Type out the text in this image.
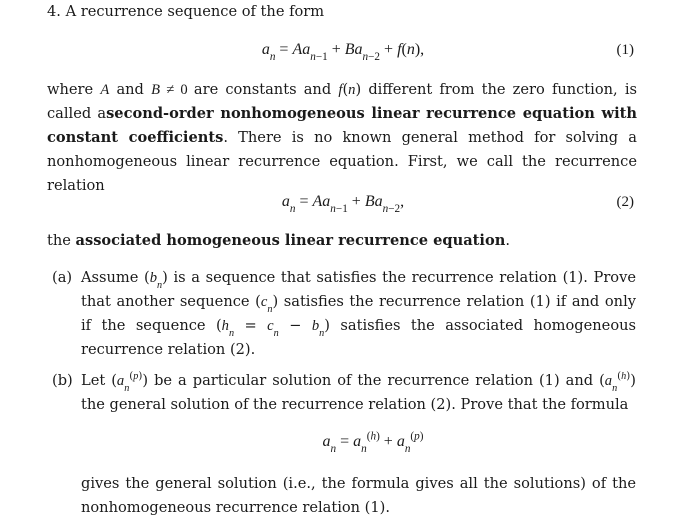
4. A recurrence sequence of the form
$a_n = Aa_{n-1} + Ba_{n-2} + f(n)$,	(1)
where A and B ≠ 0 are constants and f(n) different from the zero function, is called asecond-order nonhomogeneous linear recurrence equation with constant coefficients. There is no known general method for solving a nonhomogeneous linear recurrence equation. First, we call the recurrence relation
$a_n = Aa_{n-1} + Ba_{n-2}$,	(2)
the associated homogeneous linear recurrence equation.
(a) Assume $(b_n)$ is a sequence that satisfies the recurrence relation (1). Prove that another sequence $(c_n)$ satisfies the recurrence relation (1) if and only if the sequence $(h_n = c_n - b_n)$ satisfies the associated homogeneous recurrence relation (2).
(b) Let $(a_n^{(p)})$ be a particular solution of the recurrence relation (1) and $(a_n^{(h)})$ the general solution of the recurrence relation (2). Prove that the formula
$a_n = a_n^{(h)} + a_n^{(p)}$
gives the general solution (i.e., the formula gives all the solutions) of the nonhomogeneous recurrence relation (1).
